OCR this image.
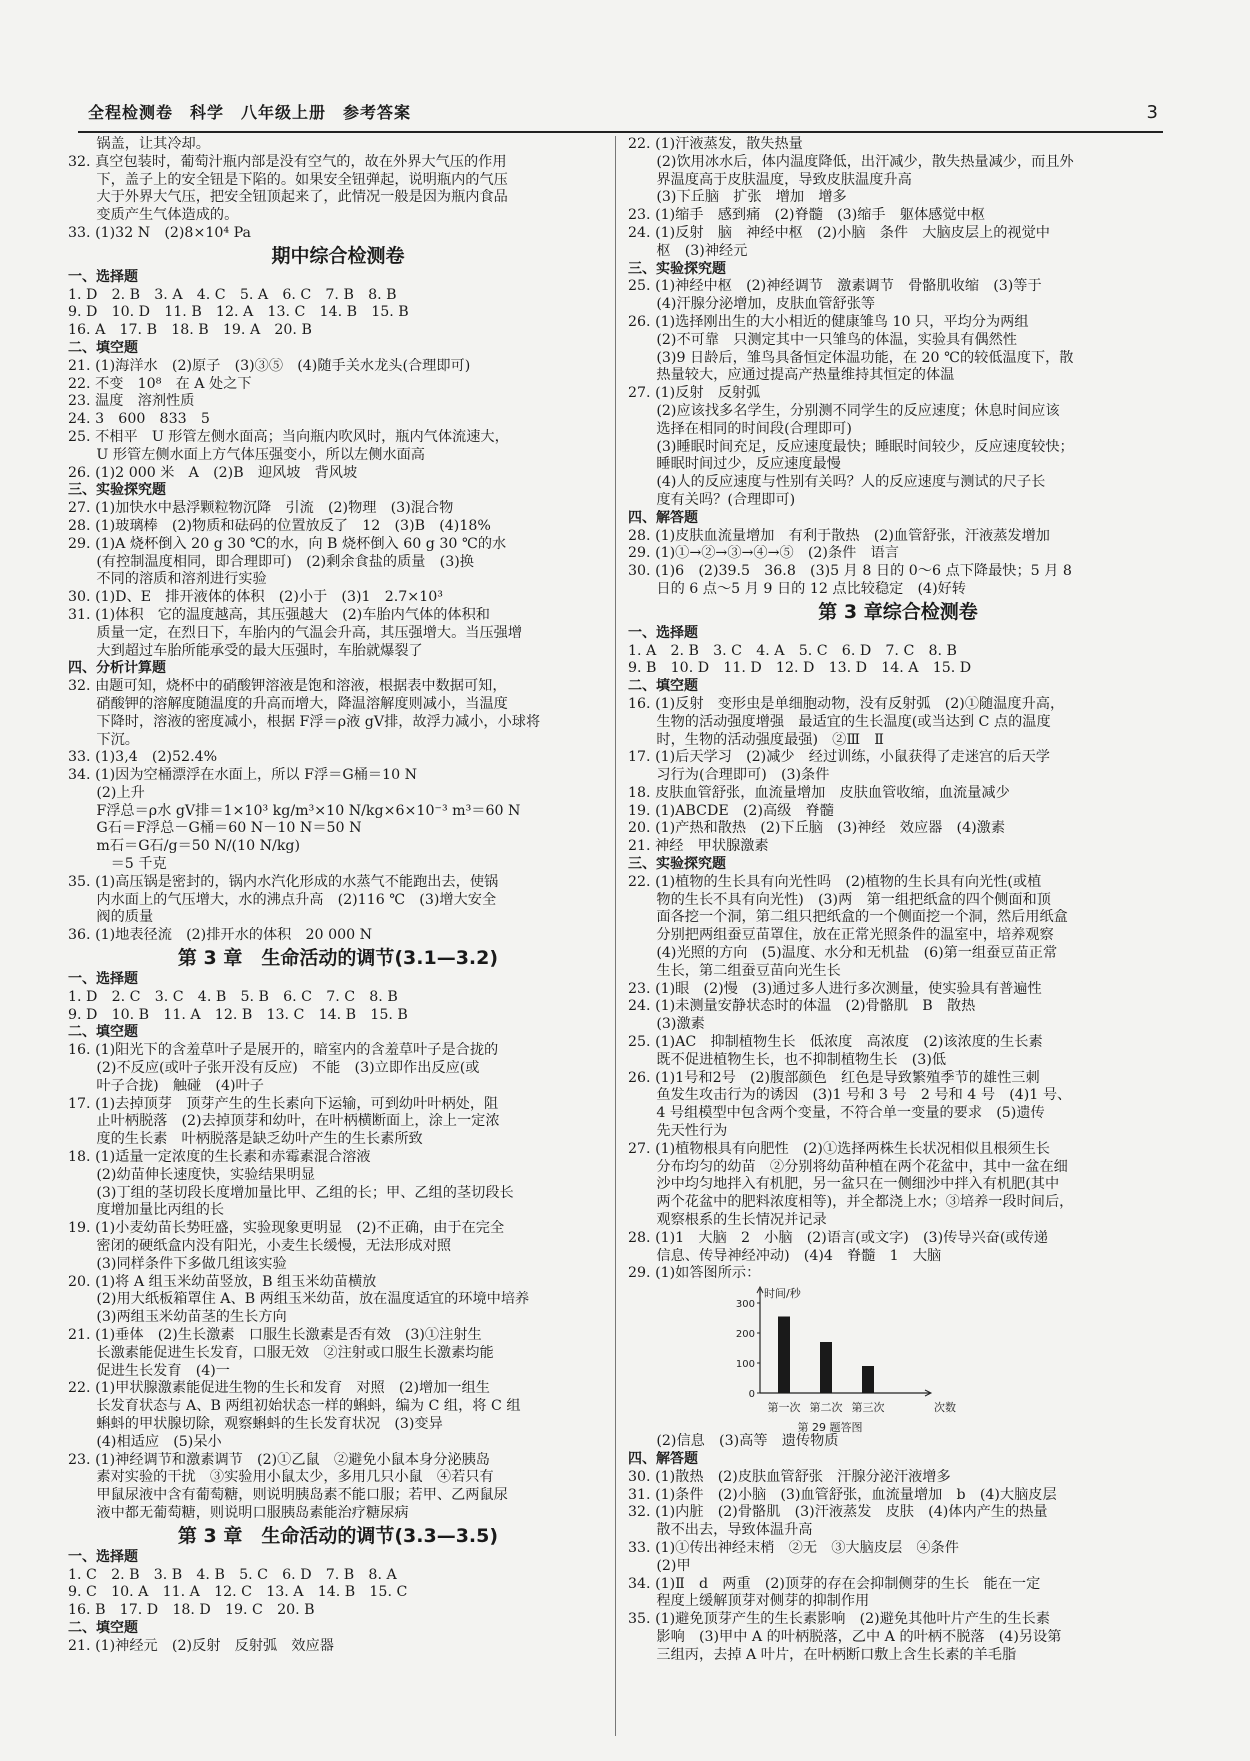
全程检测卷　科学　八年级上册　参考答案	3
　　锅盖，让其冷却。
32. 真空包装时，葡萄汁瓶内部是没有空气的，故在外界大气压的作用
　　下，盖子上的安全钮是下陷的。如果安全钮弹起，说明瓶内的气压
　　大于外界大气压，把安全钮顶起来了，此情况一般是因为瓶内食品
　　变质产生气体造成的。
33. (1)32 N　(2)8×10⁴ Pa
期中综合检测卷
一、选择题
1. D　2. B　3. A　4. C　5. A　6. C　7. B　8. B
9. D　10. D　11. B　12. A　13. C　14. B　15. B
16. A　17. B　18. B　19. A　20. B
二、填空题
21. (1)海洋水　(2)原子　(3)③⑤　(4)随手关水龙头(合理即可)
22. 不变　10⁸　在 A 处之下
23. 温度　溶剂性质
24. 3　600　833　5
25. 不相平　U 形管左侧水面高；当向瓶内吹风时，瓶内气体流速大，
　　U 形管左侧水面上方气体压强变小，所以左侧水面高
26. (1)2 000 米　A　(2)B　迎风坡　背风坡
三、实验探究题
27. (1)加快水中悬浮颗粒物沉降　引流　(2)物理　(3)混合物
28. (1)玻璃棒　(2)物质和砝码的位置放反了　12　(3)B　(4)18%
29. (1)A 烧杯倒入 20 g 30 ℃的水，向 B 烧杯倒入 60 g 30 ℃的水
　　(有控制温度相同，即合理即可)　(2)剩余食盐的质量　(3)换
　　不同的溶质和溶剂进行实验
30. (1)D、E　排开液体的体积　(2)小于　(3)1　2.7×10³
31. (1)体积　它的温度越高，其压强越大　(2)车胎内气体的体积和
　　质量一定，在烈日下，车胎内的气温会升高，其压强增大。当压强增
　　大到超过车胎所能承受的最大压强时，车胎就爆裂了
四、分析计算题
32. 由题可知，烧杯中的硝酸钾溶液是饱和溶液，根据表中数据可知，
　　硝酸钾的溶解度随温度的升高而增大，降温溶解度则减小，当温度
　　下降时，溶液的密度减小，根据 F浮＝ρ液 gV排，故浮力减小，小球将
　　下沉。
33. (1)3,4　(2)52.4%
34. (1)因为空桶漂浮在水面上，所以 F浮＝G桶＝10 N
　　(2)上升
　　F浮总＝ρ水 gV排＝1×10³ kg/m³×10 N/kg×6×10⁻³ m³＝60 N
　　G石＝F浮总－G桶＝60 N－10 N＝50 N
　　m石＝G石/g＝50 N/(10 N/kg)
　　　＝5 千克
35. (1)高压锅是密封的，锅内水汽化形成的水蒸气不能跑出去，使锅
　　内水面上的气压增大，水的沸点升高　(2)116 ℃　(3)增大安全
　　阀的质量
36. (1)地表径流　(2)排开水的体积　20 000 N
第 3 章　生命活动的调节(3.1—3.2)
一、选择题
1. D　2. C　3. C　4. B　5. B　6. C　7. C　8. B
9. D　10. B　11. A　12. B　13. C　14. B　15. B
二、填空题
16. (1)阳光下的含羞草叶子是展开的，暗室内的含羞草叶子是合拢的
　　(2)不反应(或叶子张开没有反应)　不能　(3)立即作出反应(或
　　叶子合拢)　触碰　(4)叶子
17. (1)去掉顶芽　顶芽产生的生长素向下运输，可到幼叶叶柄处，阻
　　止叶柄脱落　(2)去掉顶芽和幼叶，在叶柄横断面上，涂上一定浓
　　度的生长素　叶柄脱落是缺乏幼叶产生的生长素所致
18. (1)适量一定浓度的生长素和赤霉素混合溶液
　　(2)幼苗伸长速度快，实验结果明显
　　(3)丁组的茎切段长度增加量比甲、乙组的长；甲、乙组的茎切段长
　　度增加量比丙组的长
19. (1)小麦幼苗长势旺盛，实验现象更明显　(2)不正确，由于在完全
　　密闭的硬纸盒内没有阳光，小麦生长缓慢，无法形成对照
　　(3)同样条件下多做几组该实验
20. (1)将 A 组玉米幼苗竖放，B 组玉米幼苗横放
　　(2)用大纸板箱罩住 A、B 两组玉米幼苗，放在温度适宜的环境中培养
　　(3)两组玉米幼苗茎的生长方向
21. (1)垂体　(2)生长激素　口服生长激素是否有效　(3)①注射生
　　长激素能促进生长发育，口服无效　②注射或口服生长激素均能
　　促进生长发育　(4)一
22. (1)甲状腺激素能促进生物的生长和发育　对照　(2)增加一组生
　　长发育状态与 A、B 两组初始状态一样的蝌蚪，编为 C 组，将 C 组
　　蝌蚪的甲状腺切除，观察蝌蚪的生长发育状况　(3)变异
　　(4)相适应　(5)呆小
23. (1)神经调节和激素调节　(2)①乙鼠　②避免小鼠本身分泌胰岛
　　素对实验的干扰　③实验用小鼠太少，多用几只小鼠　④若只有
　　甲鼠尿液中含有葡萄糖，则说明胰岛素不能口服；若甲、乙两鼠尿
　　液中都无葡萄糖，则说明口服胰岛素能治疗糖尿病
第 3 章　生命活动的调节(3.3—3.5)
一、选择题
1. C　2. B　3. B　4. B　5. C　6. D　7. B　8. A
9. C　10. A　11. A　12. C　13. A　14. B　15. C
16. B　17. D　18. D　19. C　20. B
二、填空题
21. (1)神经元　(2)反射　反射弧　效应器
22. (1)汗液蒸发，散失热量
　　(2)饮用冰水后，体内温度降低，出汗减少，散失热量减少，而且外
　　界温度高于皮肤温度，导致皮肤温度升高
　　(3)下丘脑　扩张　增加　增多
23. (1)缩手　感到痛　(2)脊髓　(3)缩手　躯体感觉中枢
24. (1)反射　脑　神经中枢　(2)小脑　条件　大脑皮层上的视觉中
　　枢　(3)神经元
三、实验探究题
25. (1)神经中枢　(2)神经调节　激素调节　骨骼肌收缩　(3)等于
　　(4)汗腺分泌增加，皮肤血管舒张等
26. (1)选择刚出生的大小相近的健康雏鸟 10 只，平均分为两组
　　(2)不可靠　只测定其中一只雏鸟的体温，实验具有偶然性
　　(3)9 日龄后，雏鸟具备恒定体温功能，在 20 ℃的较低温度下，散
　　热量较大，应通过提高产热量维持其恒定的体温
27. (1)反射　反射弧
　　(2)应该找多名学生，分别测不同学生的反应速度；休息时间应该
　　选择在相同的时间段(合理即可)
　　(3)睡眠时间充足，反应速度最快；睡眠时间较少，反应速度较快；
　　睡眠时间过少，反应速度最慢
　　(4)人的反应速度与性别有关吗？人的反应速度与测试的尺子长
　　度有关吗？(合理即可)
四、解答题
28. (1)皮肤血流量增加　有利于散热　(2)血管舒张，汗液蒸发增加
29. (1)①→②→③→④→⑤　(2)条件　语言
30. (1)6　(2)39.5　36.8　(3)5 月 8 日的 0～6 点下降最快；5 月 8
　　日的 6 点～5 月 9 日的 12 点比较稳定　(4)好转
第 3 章综合检测卷
一、选择题
1. A　2. B　3. C　4. A　5. C　6. D　7. C　8. B
9. B　10. D　11. D　12. D　13. D　14. A　15. D
二、填空题
16. (1)反射　变形虫是单细胞动物，没有反射弧　(2)①随温度升高，
　　生物的活动强度增强　最适宜的生长温度(或当达到 C 点的温度
　　时，生物的活动强度最强)　②Ⅲ　Ⅱ
17. (1)后天学习　(2)减少　经过训练，小鼠获得了走迷宫的后天学
　　习行为(合理即可)　(3)条件
18. 皮肤血管舒张，血流量增加　皮肤血管收缩，血流量减少
19. (1)ABCDE　(2)高级　脊髓
20. (1)产热和散热　(2)下丘脑　(3)神经　效应器　(4)激素
21. 神经　甲状腺激素
三、实验探究题
22. (1)植物的生长具有向光性吗　(2)植物的生长具有向光性(或植
　　物的生长不具有向光性)　(3)两　第一组把纸盒的四个侧面和顶
　　面各挖一个洞，第二组只把纸盒的一个侧面挖一个洞，然后用纸盒
　　分别把两组蚕豆苗罩住，放在正常光照条件的温室中，培养观察
　　(4)光照的方向　(5)温度、水分和无机盐　(6)第一组蚕豆苗正常
　　生长，第二组蚕豆苗向光生长
23. (1)眼　(2)慢　(3)通过多人进行多次测量，使实验具有普遍性
24. (1)未测量安静状态时的体温　(2)骨骼肌　B　散热
　　(3)激素
25. (1)AC　抑制植物生长　低浓度　高浓度　(2)该浓度的生长素
　　既不促进植物生长，也不抑制植物生长　(3)低
26. (1)1号和2号　(2)腹部颜色　红色是导致繁殖季节的雄性三刺
　　鱼发生攻击行为的诱因　(3)1 号和 3 号　2 号和 4 号　(4)1 号、
　　4 号组模型中包含两个变量，不符合单一变量的要求　(5)遗传
　　先天性行为
27. (1)植物根具有向肥性　(2)①选择两株生长状况相似且根须生长
　　分布均匀的幼苗　②分别将幼苗种植在两个花盆中，其中一盆在细
　　沙中均匀地拌入有机肥，另一盆只在一侧细沙中拌入有机肥(其中
　　两个花盆中的肥料浓度相等)，并全都浇上水；③培养一段时间后，
　　观察根系的生长情况并记录
28. (1)1　大脑　2　小脑　(2)语言(或文字)　(3)传导兴奋(或传递
　　信息、传导神经冲动)　(4)4　脊髓　1　大脑
29. (1)如答图所示：
0
100
200
300
时间/秒
次数
第一次 第二次 第三次
第 29 题答图
　　(2)信息　(3)高等　遗传物质
四、解答题
30. (1)散热　(2)皮肤血管舒张　汗腺分泌汗液增多
31. (1)条件　(2)小脑　(3)血管舒张，血流量增加　b　(4)大脑皮层
32. (1)内脏　(2)骨骼肌　(3)汗液蒸发　皮肤　(4)体内产生的热量
　　散不出去，导致体温升高
33. (1)①传出神经末梢　②无　③大脑皮层　④条件
　　(2)甲
34. (1)Ⅱ　d　两重　(2)顶芽的存在会抑制侧芽的生长　能在一定
　　程度上缓解顶芽对侧芽的抑制作用
35. (1)避免顶芽产生的生长素影响　(2)避免其他叶片产生的生长素
　　影响　(3)甲中 A 的叶柄脱落，乙中 A 的叶柄不脱落　(4)另设第
　　三组丙，去掉 A 叶片，在叶柄断口敷上含生长素的羊毛脂
